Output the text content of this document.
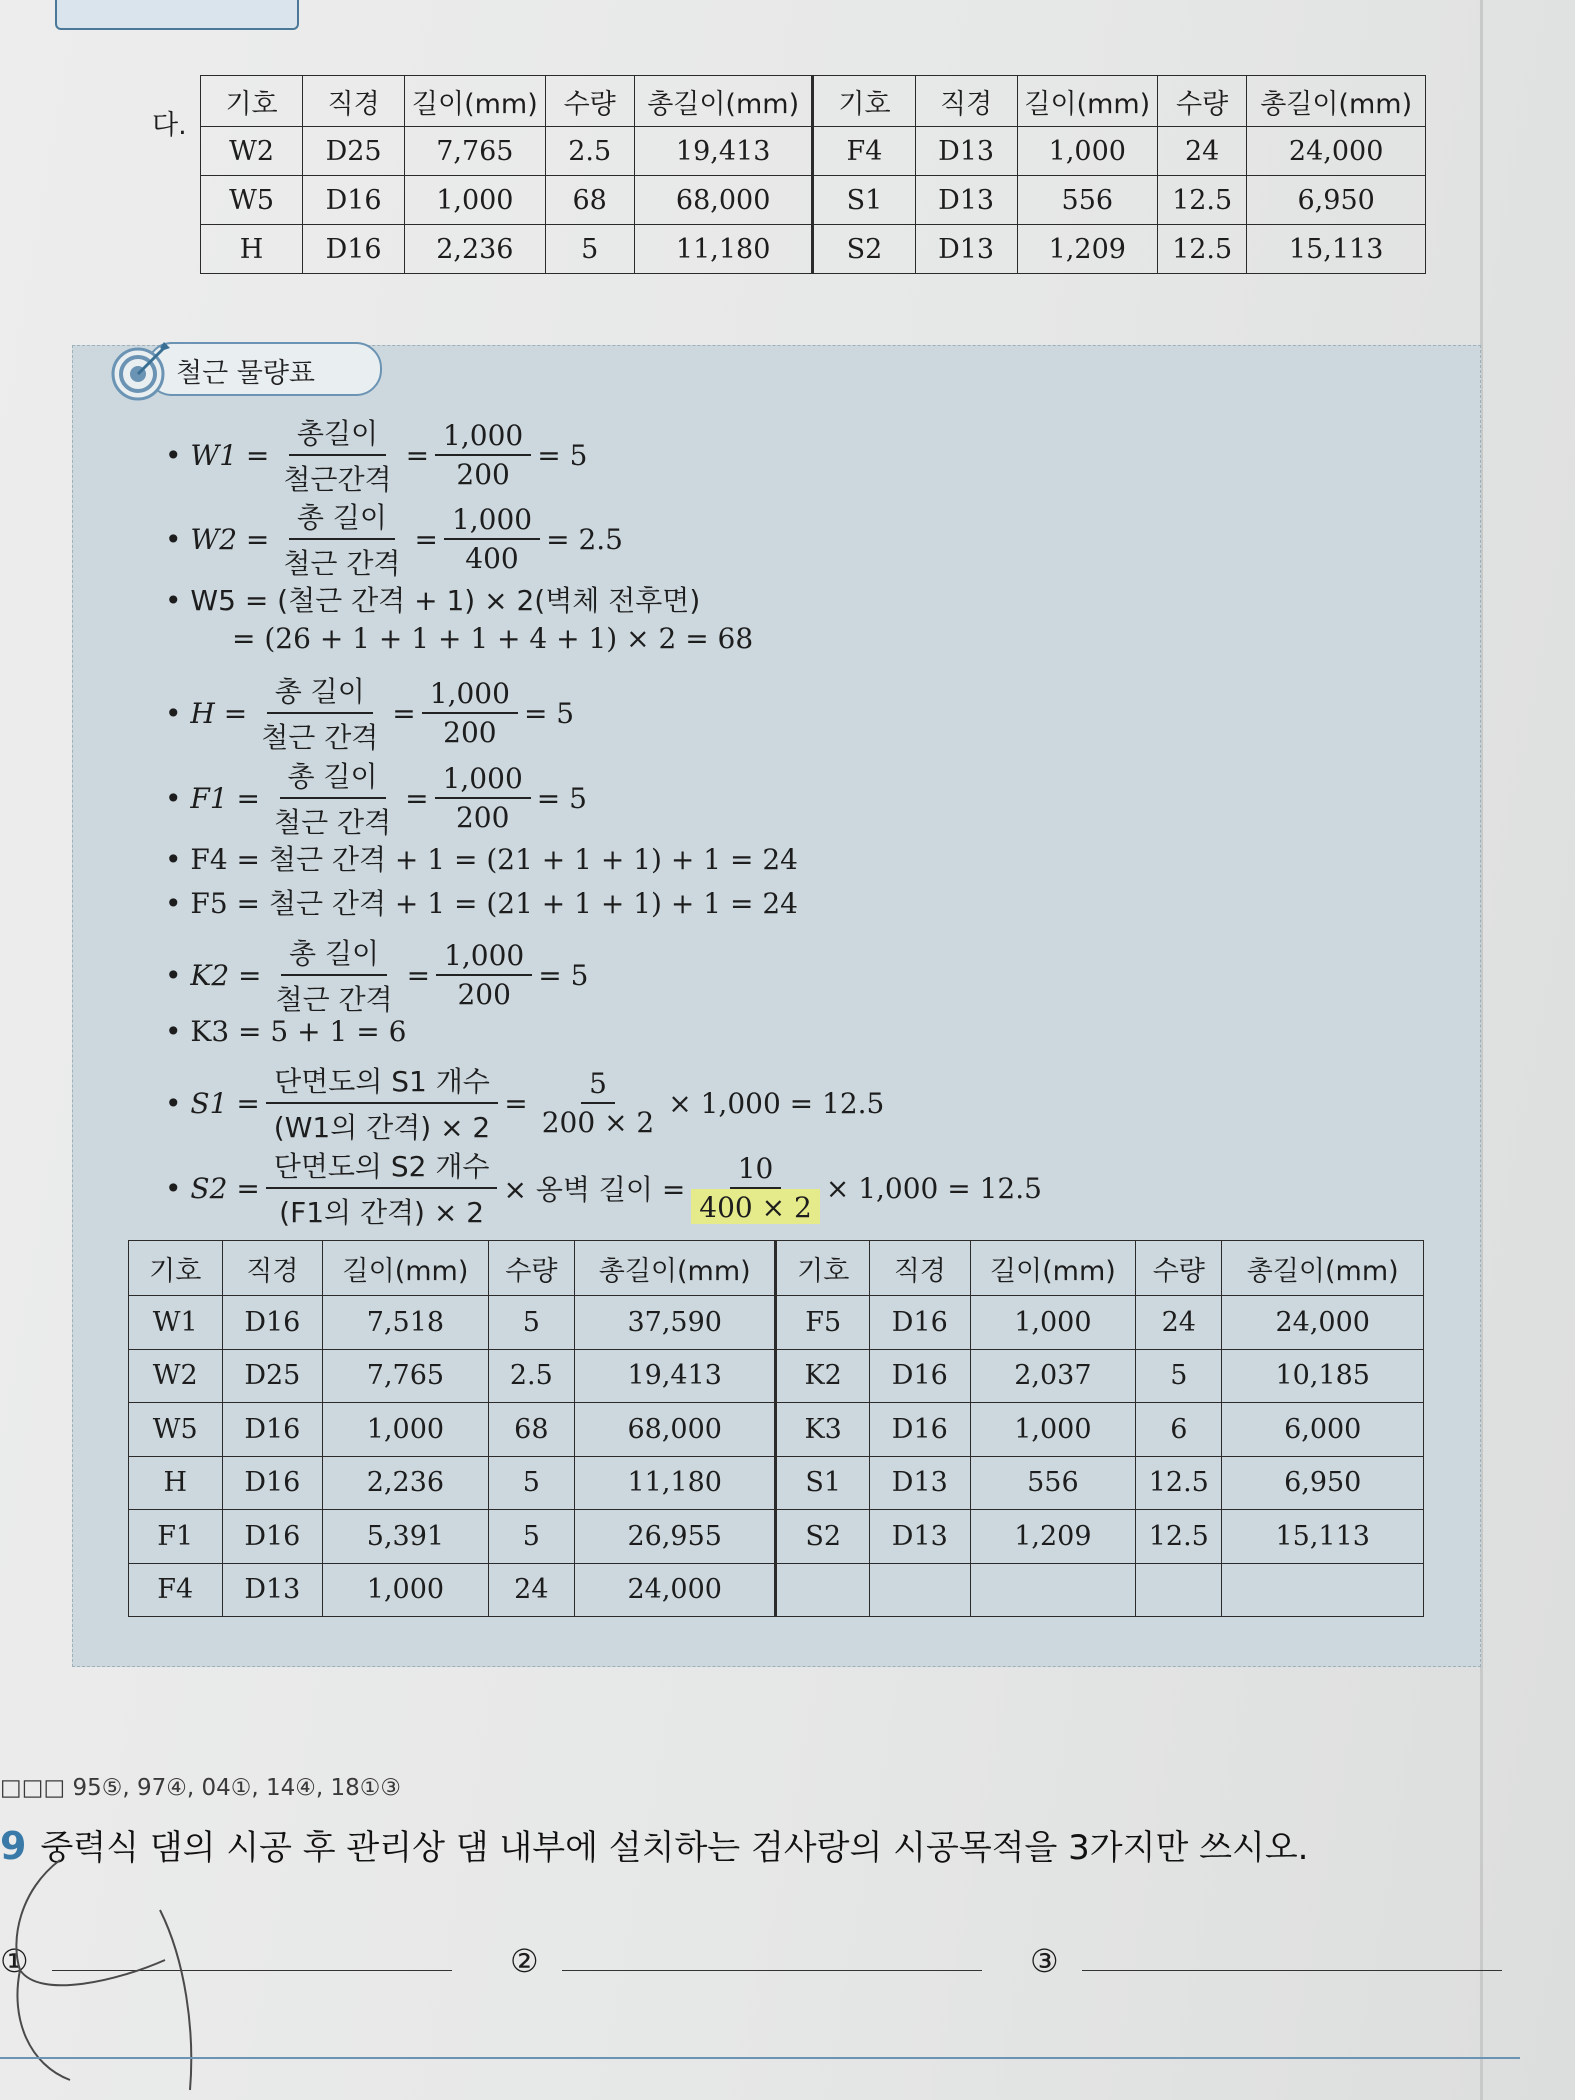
다.
기호	직경	길이(mm)	수량	총길이(mm)	기호	직경	길이(mm)	수량	총길이(mm)
W2	D25	7,765	2.5	19,413	F4	D13	1,000	24	24,000
W5	D16	1,000	68	68,000	S1	D13	556	12.5	6,950
H	D16	2,236	5	11,180	S2	D13	1,209	12.5	15,113
철근 물량표
• $W1 = \frac{\text{총길이}}{\text{철근간격}} = \frac{1,000}{200} = 5$
• $W2 = \frac{\text{총 길이}}{\text{철근 간격}} = \frac{1,000}{400} = 2.5$
• W5 = (철근 간격 + 1) × 2(벽체 전후면)
= (26 + 1 + 1 + 1 + 4 + 1) × 2 = 68
• $H = \frac{\text{총 길이}}{\text{철근 간격}} = \frac{1,000}{200} = 5$
• $F1 = \frac{\text{총 길이}}{\text{철근 간격}} = \frac{1,000}{200} = 5$
• F4 = 철근 간격 + 1 = (21 + 1 + 1) + 1 = 24
• F5 = 철근 간격 + 1 = (21 + 1 + 1) + 1 = 24
• $K2 = \frac{\text{총 길이}}{\text{철근 간격}} = \frac{1,000}{200} = 5$
• K3 = 5 + 1 = 6
• $S1 = \frac{\text{단면도의 S1 개수}}{\text{(W1의 간격) × 2}} = \frac{5}{200 \times 2} \times 1,000 = 12.5$
• $S2 = \frac{\text{단면도의 S2 개수}}{\text{(F1의 간격) × 2}}$ × 옹벽 길이 = $\frac{10}{400 \times 2} \times 1,000 = 12.5$
기호	직경	길이(mm)	수량	총길이(mm)	기호	직경	길이(mm)	수량	총길이(mm)
W1	D16	7,518	5	37,590	F5	D16	1,000	24	24,000
W2	D25	7,765	2.5	19,413	K2	D16	2,037	5	10,185
W5	D16	1,000	68	68,000	K3	D16	1,000	6	6,000
H	D16	2,236	5	11,180	S1	D13	556	12.5	6,950
F1	D16	5,391	5	26,955	S2	D13	1,209	12.5	15,113
F4	D13	1,000	24	24,000					
□□□ 95⑤, 97④, 04①, 14④, 18①③
9 중력식 댐의 시공 후 관리상 댐 내부에 설치하는 검사랑의 시공목적을 3가지만 쓰시오.
①	②	③
